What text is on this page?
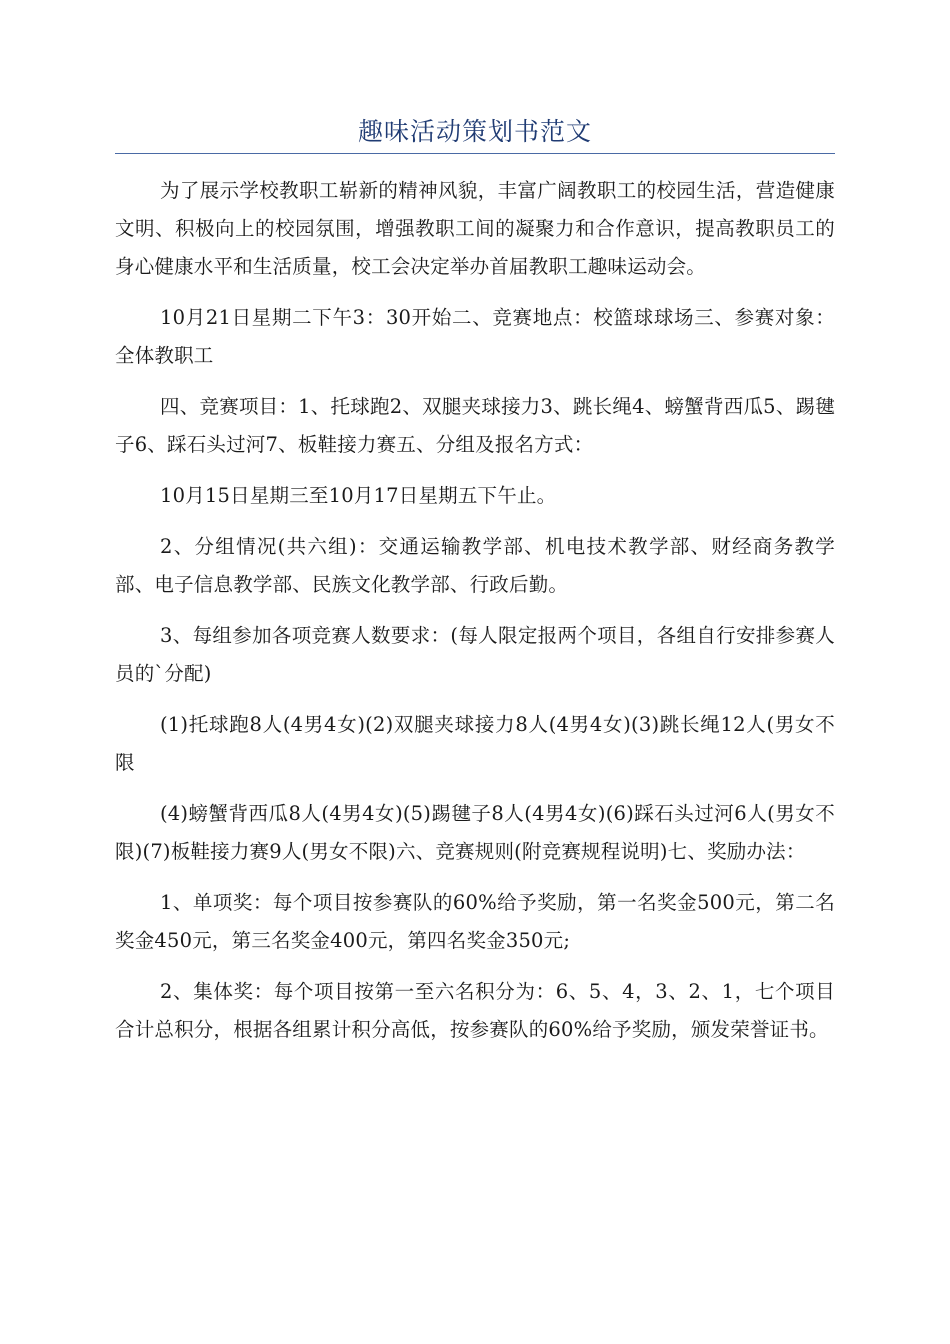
趣味活动策划书范文

为了展示学校教职工崭新的精神风貌，丰富广阔教职工的校园生活，营造健康文明、积极向上的校园氛围，增强教职工间的凝聚力和合作意识，提高教职员工的身心健康水平和生活质量，校工会决定举办首届教职工趣味运动会。

10月21日星期二下午3：30开始二、竞赛地点：校篮球球场三、参赛对象：全体教职工

四、竞赛项目：1、托球跑2、双腿夹球接力3、跳长绳4、螃蟹背西瓜5、踢毽子6、踩石头过河7、板鞋接力赛五、分组及报名方式：

10月15日星期三至10月17日星期五下午止。

2、分组情况(共六组)：交通运输教学部、机电技术教学部、财经商务教学部、电子信息教学部、民族文化教学部、行政后勤。

3、每组参加各项竞赛人数要求：(每人限定报两个项目，各组自行安排参赛人员的`分配)

(1)托球跑8人(4男4女)(2)双腿夹球接力8人(4男4女)(3)跳长绳12人(男女不限

(4)螃蟹背西瓜8人(4男4女)(5)踢毽子8人(4男4女)(6)踩石头过河6人(男女不限)(7)板鞋接力赛9人(男女不限)六、竞赛规则(附竞赛规程说明)七、奖励办法：

1、单项奖：每个项目按参赛队的60%给予奖励，第一名奖金500元，第二名奖金450元，第三名奖金400元，第四名奖金350元;

2、集体奖：每个项目按第一至六名积分为：6、5、4，3、2、1，七个项目合计总积分，根据各组累计积分高低，按参赛队的60%给予奖励，颁发荣誉证书。
